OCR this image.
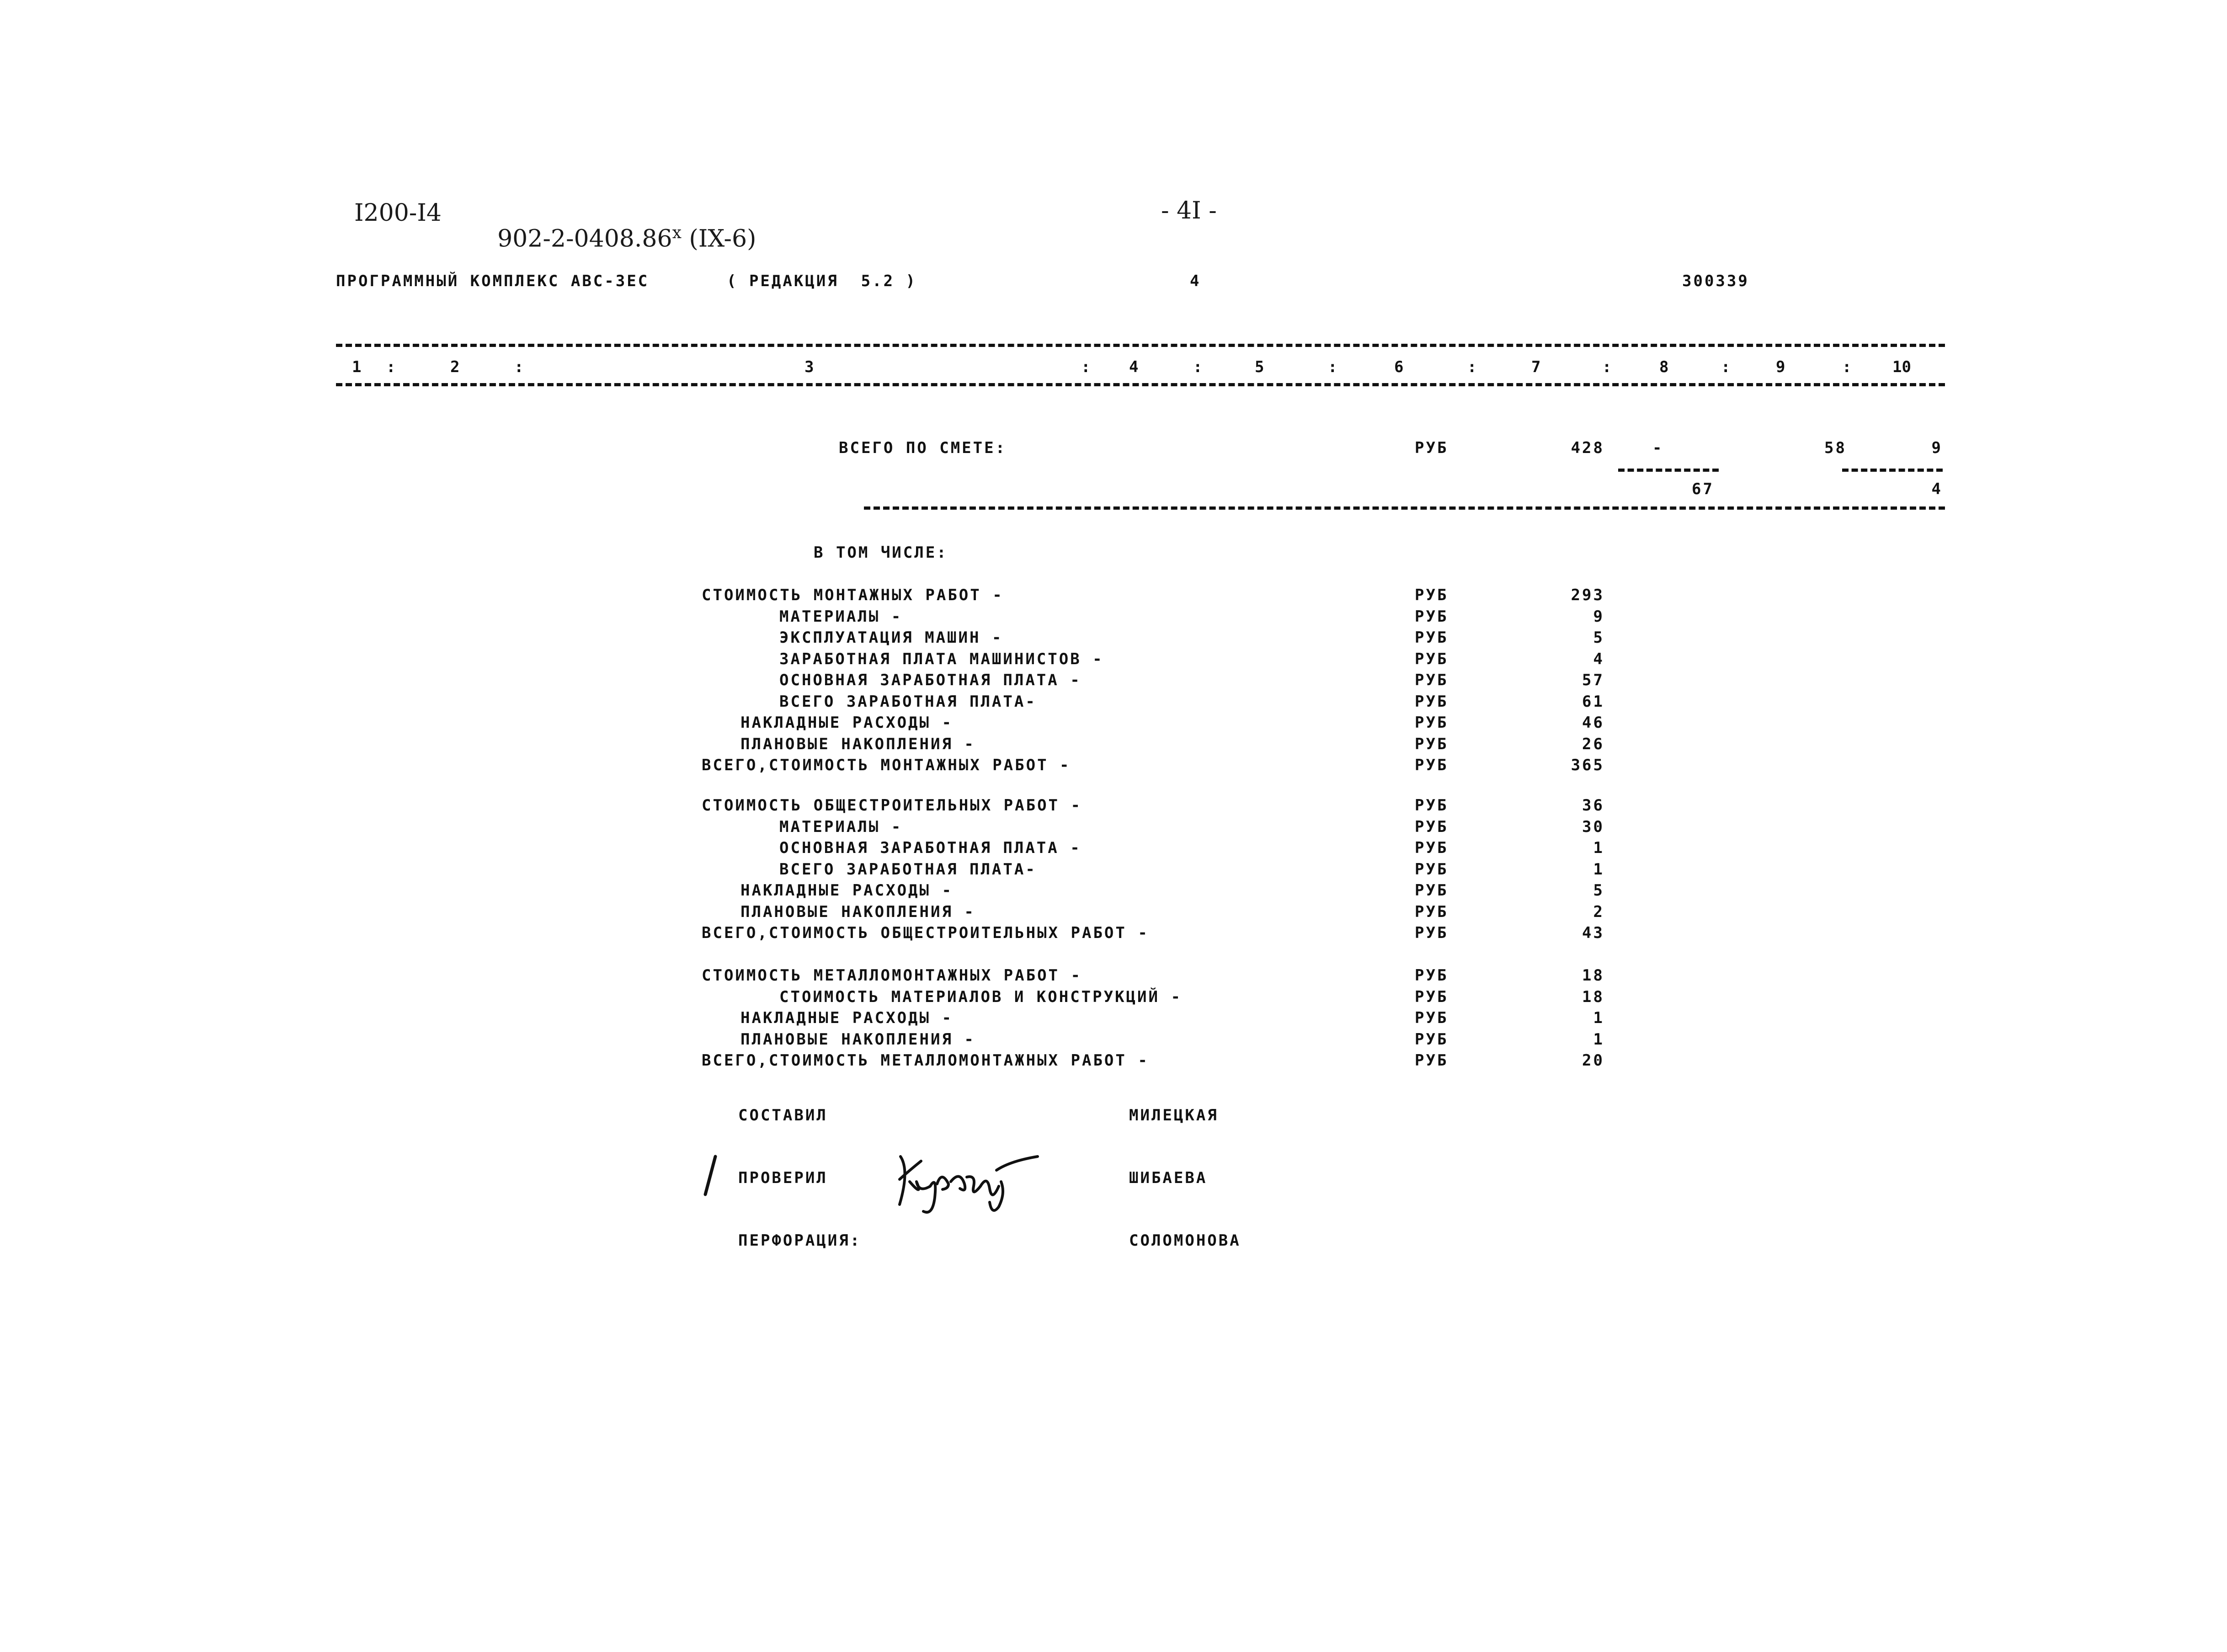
I200-I4

$902-2-0408.86^х$ (IX-6)

- 4I -
ПРОГРАММНЫЙ КОМПЛЕКС АВС-ЗЕС	( РЕДАКЦИЯ  5.2 )	4	300339
1	2	3	4	5	6	7	8	9	10
:	:	:	:	:	:	:	:	:
ВСЕГО ПО СМЕТЕ:	РУБ	428	-	58	9
67	4
В ТОМ ЧИСЛЕ:
СТОИМОСТЬ МОНТАЖНЫХ РАБОТ -	РУБ	293
МАТЕРИАЛЫ -	РУБ	9
ЭКСПЛУАТАЦИЯ МАШИН -	РУБ	5
ЗАРАБОТНАЯ ПЛАТА МАШИНИСТОВ -	РУБ	4
ОСНОВНАЯ ЗАРАБОТНАЯ ПЛАТА -	РУБ	57
ВСЕГО ЗАРАБОТНАЯ ПЛАТА-	РУБ	61
НАКЛАДНЫЕ РАСХОДЫ -	РУБ	46
ПЛАНОВЫЕ НАКОПЛЕНИЯ -	РУБ	26
ВСЕГО,СТОИМОСТЬ МОНТАЖНЫХ РАБОТ -	РУБ	365
СТОИМОСТЬ ОБЩЕСТРОИТЕЛЬНЫХ РАБОТ -	РУБ	36
МАТЕРИАЛЫ -	РУБ	30
ОСНОВНАЯ ЗАРАБОТНАЯ ПЛАТА -	РУБ	1
ВСЕГО ЗАРАБОТНАЯ ПЛАТА-	РУБ	1
НАКЛАДНЫЕ РАСХОДЫ -	РУБ	5
ПЛАНОВЫЕ НАКОПЛЕНИЯ -	РУБ	2
ВСЕГО,СТОИМОСТЬ ОБЩЕСТРОИТЕЛЬНЫХ РАБОТ -	РУБ	43
СТОИМОСТЬ МЕТАЛЛОМОНТАЖНЫХ РАБОТ -	РУБ	18
СТОИМОСТЬ МАТЕРИАЛОВ И КОНСТРУКЦИЙ -	РУБ	18
НАКЛАДНЫЕ РАСХОДЫ -	РУБ	1
ПЛАНОВЫЕ НАКОПЛЕНИЯ -	РУБ	1
ВСЕГО,СТОИМОСТЬ МЕТАЛЛОМОНТАЖНЫХ РАБОТ -	РУБ	20
СОСТАВИЛ	МИЛЕЦКАЯ
ПРОВЕРИЛ	ШИБАЕВА
ПЕРФОРАЦИЯ:	СОЛОМОНОВА
